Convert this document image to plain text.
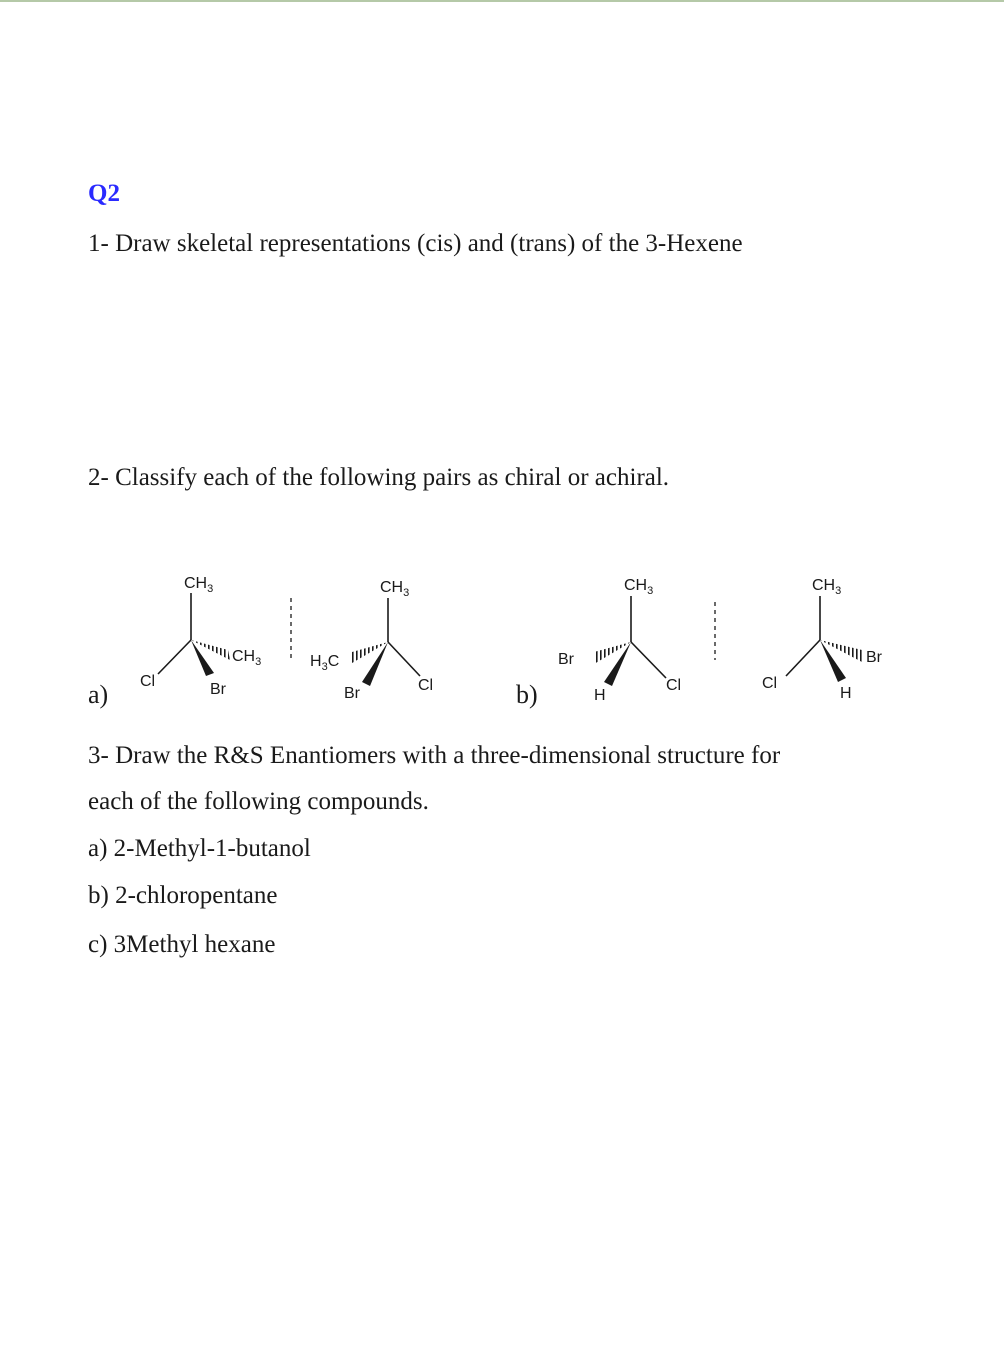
Q2
1- Draw skeletal representations (cis) and (trans) of the 3-Hexene
2- Classify each of the following pairs as chiral or achiral.
a)	b)
$CH_3$
$CH_3$
Cl	Br
$CH_3$
$H_3C$
Cl
Br
$CH_3$
Br
Cl
H
$CH_3$
Br
Cl
H
3- Draw the R&S Enantiomers with a three-dimensional structure for
each of the following compounds.
a) 2-Methyl-1-butanol
b) 2-chloropentane
c) 3Methyl hexane
